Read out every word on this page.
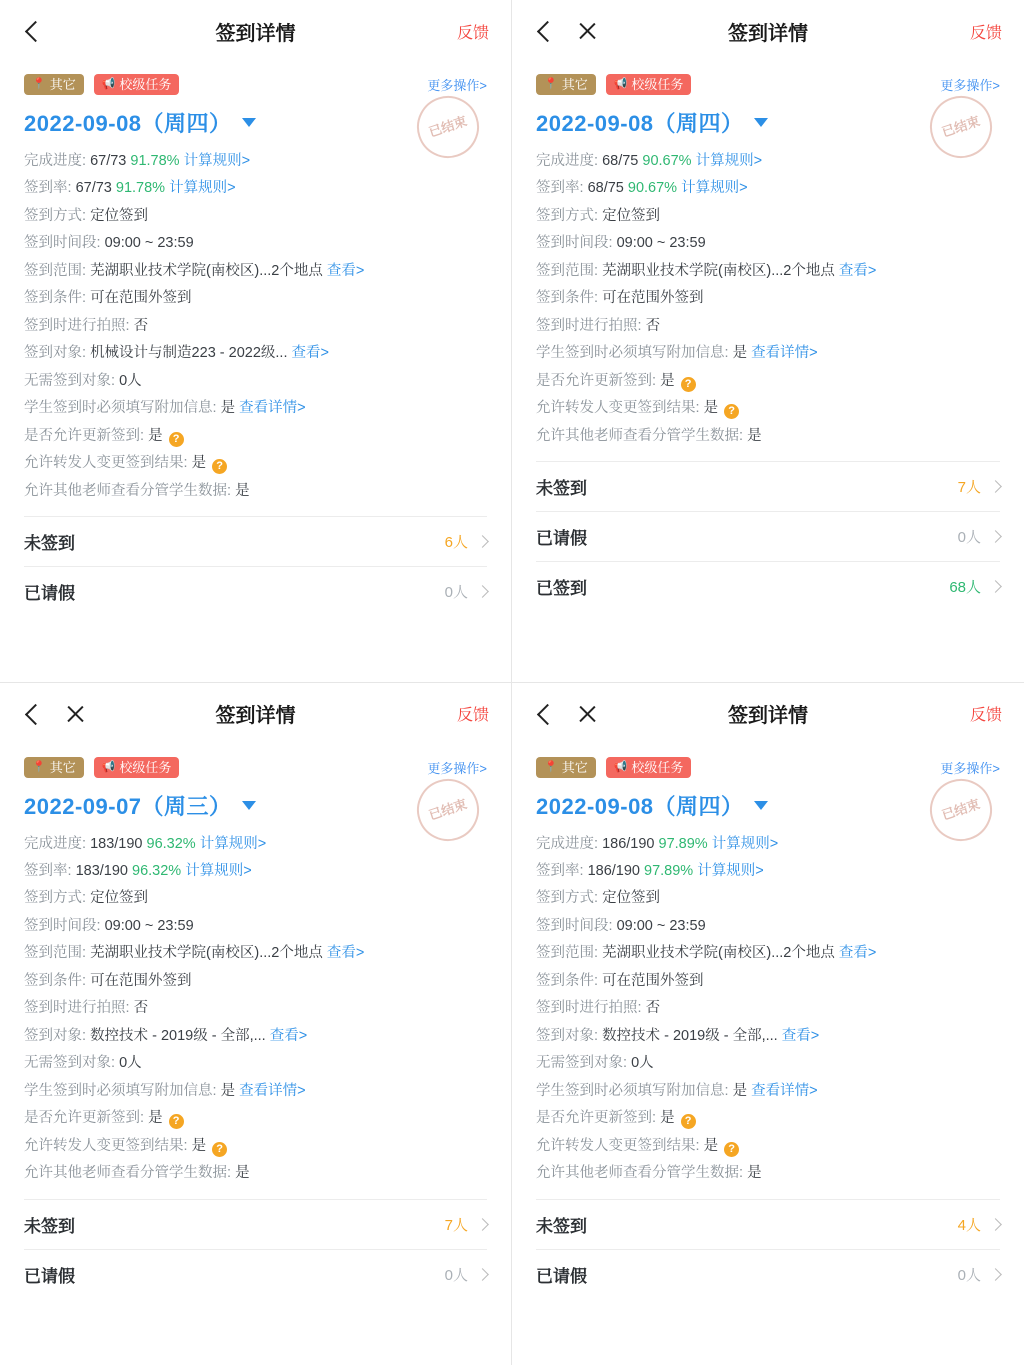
签到详情	反馈
📍 其它 📢 校级任务	更多操作>
2022-09-08（周四）	已结束
完成进度: 67/73 91.78% 计算规则>
签到率: 67/73 91.78% 计算规则>
签到方式: 定位签到
签到时间段: 09:00 ~ 23:59
签到范围: 芜湖职业技术学院(南校区)...2个地点 查看>
签到条件: 可在范围外签到
签到时进行拍照: 否
签到对象: 机械设计与制造223 - 2022级... 查看>
无需签到对象: 0人
学生签到时必须填写附加信息: 是 查看详情>
是否允许更新签到: 是 ?
允许转发人变更签到结果: 是 ?
允许其他老师查看分管学生数据: 是
未签到	6人
已请假	0人
签到详情	反馈
📍 其它 📢 校级任务	更多操作>
2022-09-08（周四）	已结束
完成进度: 68/75 90.67% 计算规则>
签到率: 68/75 90.67% 计算规则>
签到方式: 定位签到
签到时间段: 09:00 ~ 23:59
签到范围: 芜湖职业技术学院(南校区)...2个地点 查看>
签到条件: 可在范围外签到
签到时进行拍照: 否
学生签到时必须填写附加信息: 是 查看详情>
是否允许更新签到: 是 ?
允许转发人变更签到结果: 是 ?
允许其他老师查看分管学生数据: 是
未签到	7人
已请假	0人
已签到	68人
签到详情	反馈
📍 其它 📢 校级任务	更多操作>
2022-09-07（周三）	已结束
完成进度: 183/190 96.32% 计算规则>
签到率: 183/190 96.32% 计算规则>
签到方式: 定位签到
签到时间段: 09:00 ~ 23:59
签到范围: 芜湖职业技术学院(南校区)...2个地点 查看>
签到条件: 可在范围外签到
签到时进行拍照: 否
签到对象: 数控技术 - 2019级 - 全部,... 查看>
无需签到对象: 0人
学生签到时必须填写附加信息: 是 查看详情>
是否允许更新签到: 是 ?
允许转发人变更签到结果: 是 ?
允许其他老师查看分管学生数据: 是
未签到	7人
已请假	0人
签到详情	反馈
📍 其它 📢 校级任务	更多操作>
2022-09-08（周四）	已结束
完成进度: 186/190 97.89% 计算规则>
签到率: 186/190 97.89% 计算规则>
签到方式: 定位签到
签到时间段: 09:00 ~ 23:59
签到范围: 芜湖职业技术学院(南校区)...2个地点 查看>
签到条件: 可在范围外签到
签到时进行拍照: 否
签到对象: 数控技术 - 2019级 - 全部,... 查看>
无需签到对象: 0人
学生签到时必须填写附加信息: 是 查看详情>
是否允许更新签到: 是 ?
允许转发人变更签到结果: 是 ?
允许其他老师查看分管学生数据: 是
未签到	4人
已请假	0人
